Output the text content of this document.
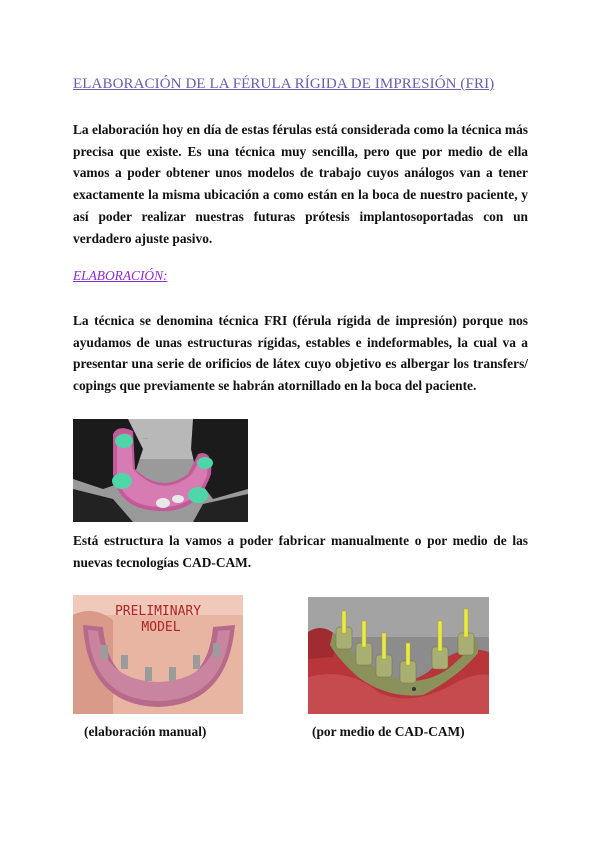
ELABORACIÓN DE LA FÉRULA RÍGIDA DE IMPRESIÓN (FRI)

La elaboración hoy en día de estas férulas está considerada como la técnica más precisa que existe. Es una técnica muy sencilla, pero que por medio de ella vamos a poder obtener unos modelos de trabajo cuyos análogos van a tener exactamente la misma ubicación a como están en la boca de nuestro paciente, y así poder realizar nuestras futuras prótesis implantosoportadas con un verdadero ajuste pasivo.

ELABORACIÓN:

La técnica se denomina técnica FRI (férula rígida de impresión) porque nos ayudamos de unas estructuras rígidas, estables e indeformables, la cual va a presentar una serie de orificios de látex cuyo objetivo es albergar los transfers/ copings que previamente se habrán atornillado en la boca del paciente.

…

Está estructura la vamos a poder fabricar manualmente o por medio de las nuevas tecnologías CAD-CAM.

PRELIMINARY
MODEL
(elaboración manual)	(por medio de CAD-CAM)
